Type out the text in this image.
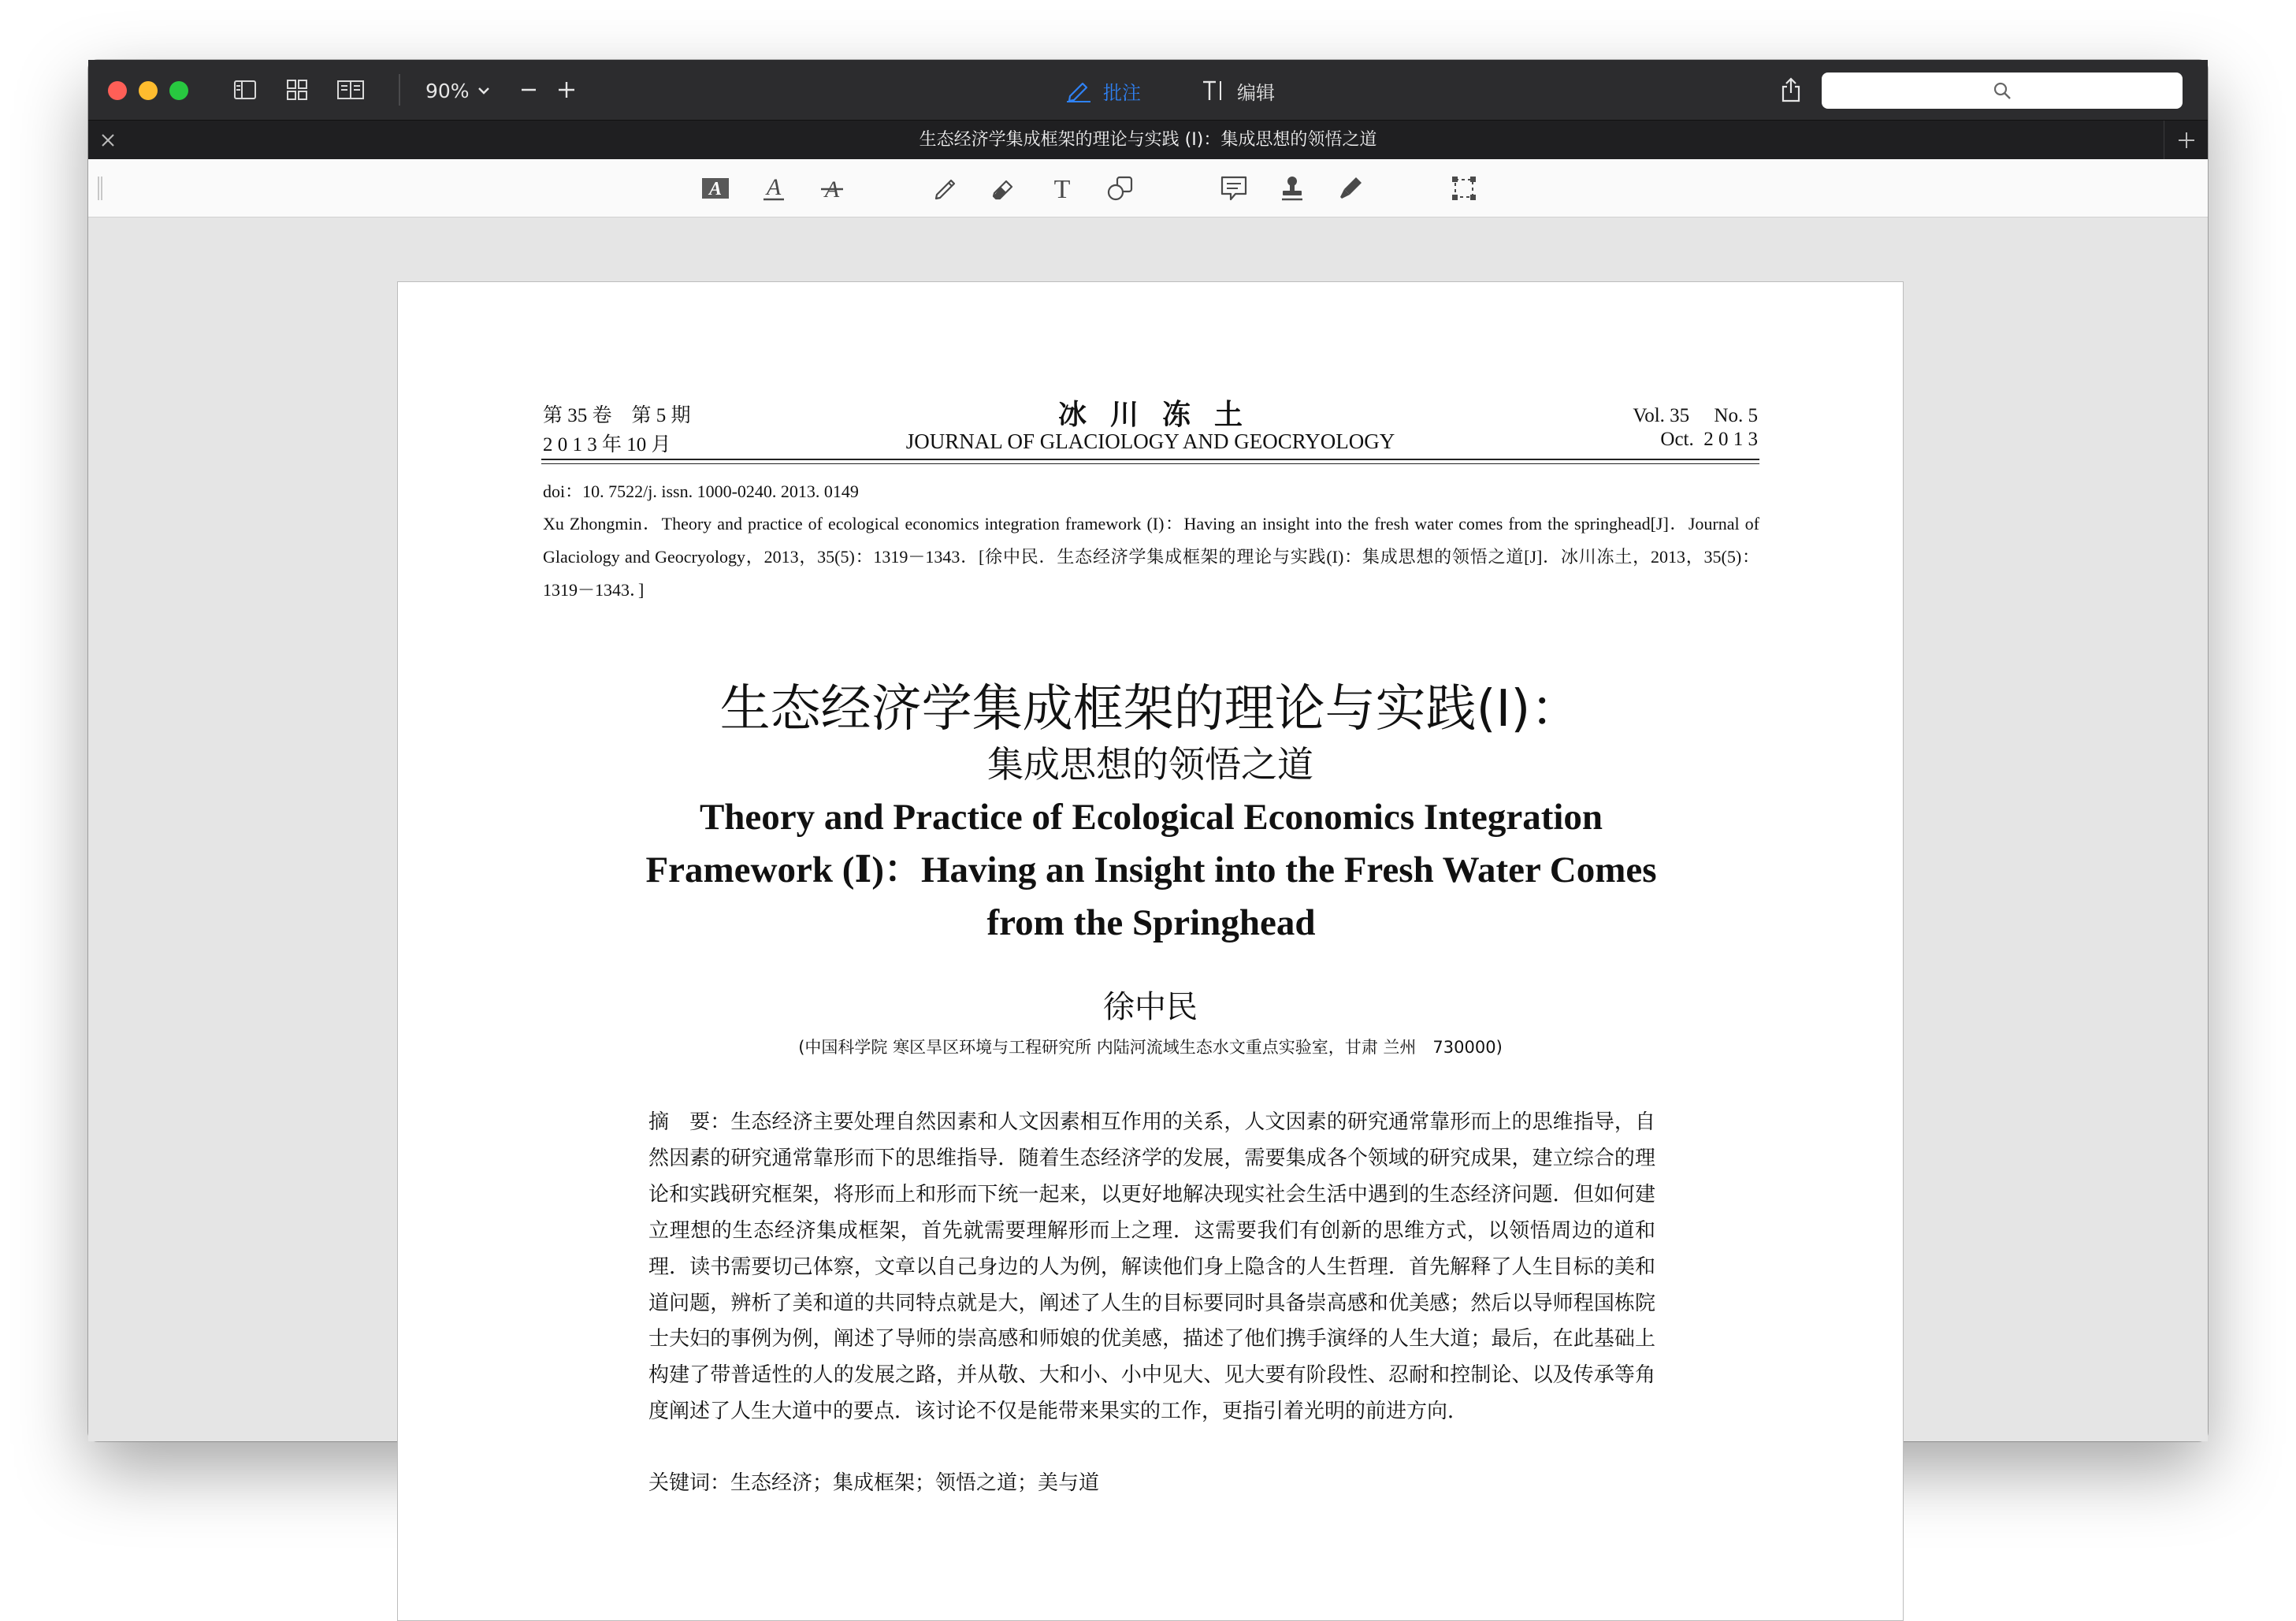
90%	批注	编辑
生态经济学集成框架的理论与实践 (I)：集成思想的领悟之道
A A A	T
第 35 卷　第 5 期
2 0 1 3 年 10 月
冰川冻土
JOURNAL OF GLACIOLOGY AND GEOCRYOLOGY
Vol. 35　 No. 5
Oct.  2 0 1 3
doi：10. 7522/j. issn. 1000-0240. 2013. 0149
Xu Zhongmin．Theory and practice of ecological economics integration framework (I)：Having an insight into the fresh water comes from the springhead[J]．Journal of Glaciology and Geocryology，2013，35(5)：1319－1343．[徐中民．生态经济学集成框架的理论与实践(I)：集成思想的领悟之道[J]．冰川冻土，2013，35(5)：1319－1343．]
生态经济学集成框架的理论与实践(Ⅰ)：
集成思想的领悟之道
Theory and Practice of Ecological Economics Integration Framework (Ⅰ)：Having an Insight into the Fresh Water Comes from the Springhead
徐中民
(中国科学院 寒区旱区环境与工程研究所 内陆河流域生态水文重点实验室，甘肃 兰州　730000)
摘　要：生态经济主要处理自然因素和人文因素相互作用的关系，人文因素的研究通常靠形而上的思维指导，自然因素的研究通常靠形而下的思维指导．随着生态经济学的发展，需要集成各个领域的研究成果，建立综合的理论和实践研究框架，将形而上和形而下统一起来，以更好地解决现实社会生活中遇到的生态经济问题．但如何建立理想的生态经济集成框架，首先就需要理解形而上之理．这需要我们有创新的思维方式，以领悟周边的道和理．读书需要切己体察，文章以自己身边的人为例，解读他们身上隐含的人生哲理．首先解释了人生目标的美和道问题，辨析了美和道的共同特点就是大，阐述了人生的目标要同时具备崇高感和优美感；然后以导师程国栋院士夫妇的事例为例，阐述了导师的崇高感和师娘的优美感，描述了他们携手演绎的人生大道；最后，在此基础上构建了带普适性的人的发展之路，并从敬、大和小、小中见大、见大要有阶段性、忍耐和控制论、以及传承等角度阐述了人生大道中的要点．该讨论不仅是能带来果实的工作，更指引着光明的前进方向．
关键词：生态经济；集成框架；领悟之道；美与道
